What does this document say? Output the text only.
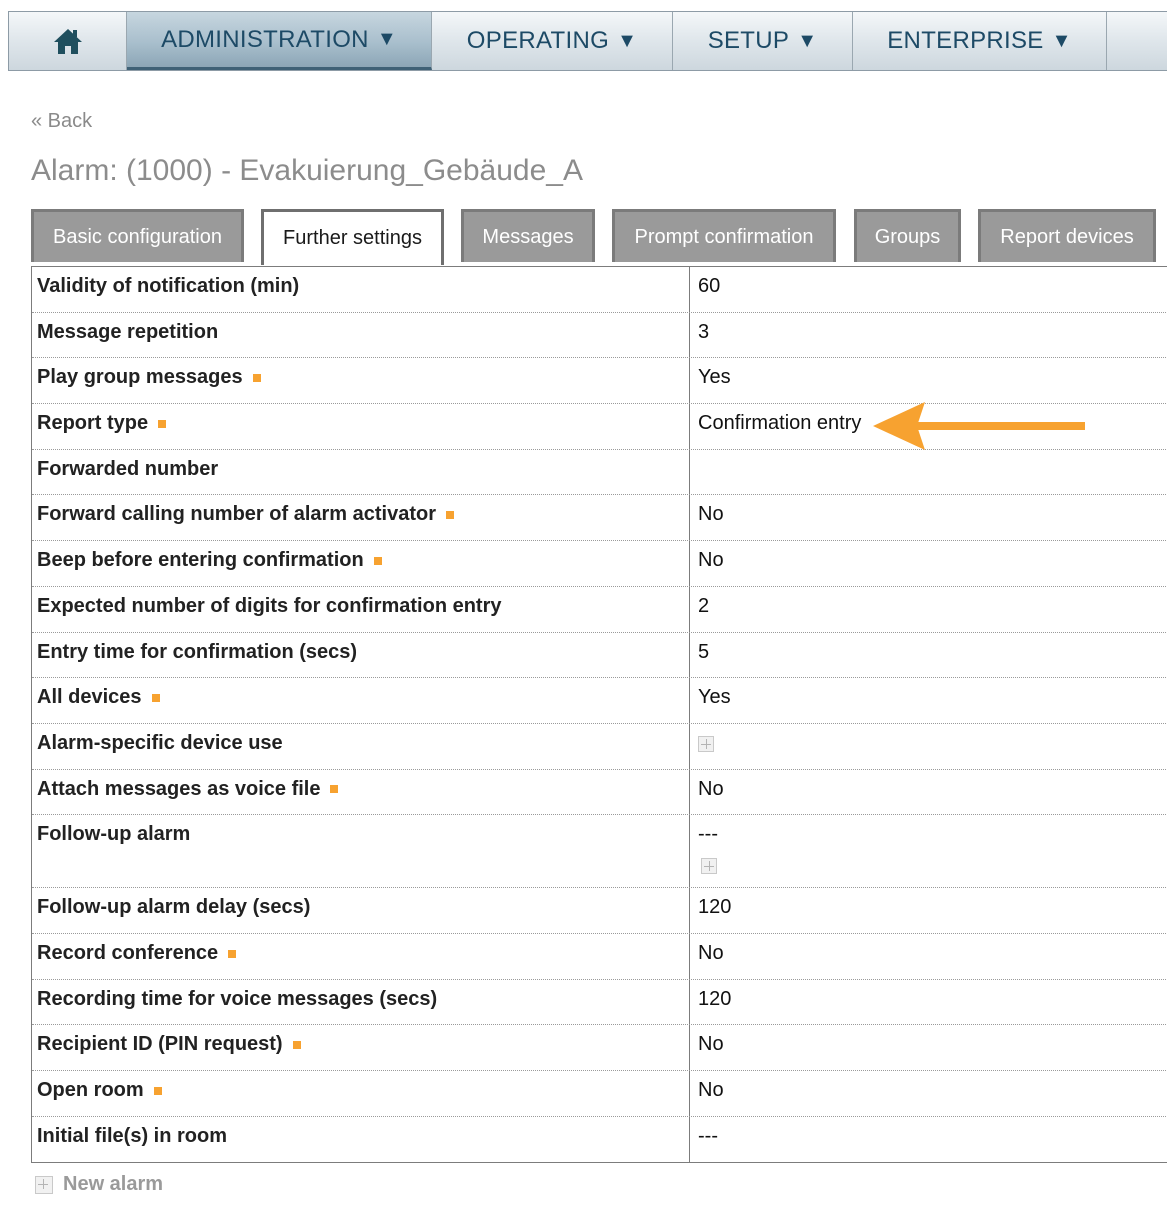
ADMINISTRATION ▼	OPERATING ▼	SETUP ▼	ENTERPRISE ▼
« Back
Alarm: (1000) - Evakuierung_Gebäude_A
Basic configuration	Further settings	Messages	Prompt confirmation	Groups	Report devices
Validity of notification (min)	60
Message repetition	3
Play group messages	Yes
Report type	Confirmation entry
Forwarded number
Forward calling number of alarm activator	No
Beep before entering confirmation	No
Expected number of digits for confirmation entry	2
Entry time for confirmation (secs)	5
All devices	Yes
Alarm-specific device use
Attach messages as voice file	No
Follow-up alarm	---
Follow-up alarm delay (secs)	120
Record conference	No
Recording time for voice messages (secs)	120
Recipient ID (PIN request)	No
Open room	No
Initial file(s) in room	---
New alarm
